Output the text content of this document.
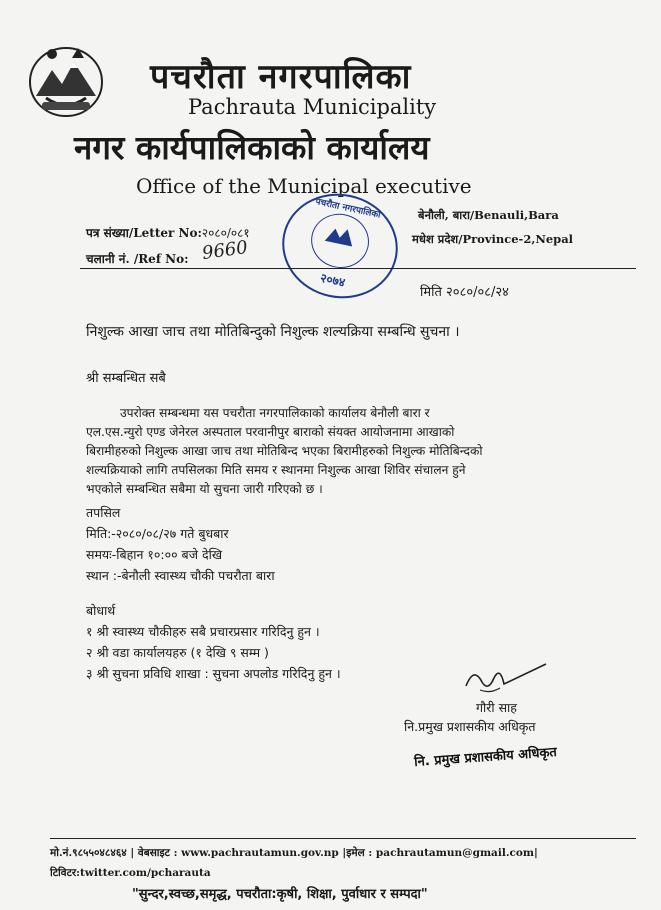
पचरौता नगरपालिका
Pachrauta Municipality
नगर कार्यपालिकाको कार्यालय
Office of the Municipal executive
पत्र संख्या/Letter No:२०८०/०८१
चलानी नं. /Ref No: 9660
बेनौली, बारा/Benauli,Bara
मधेश प्रदेश/Province-2,Nepal
पचरौता नगरपालिका
२०७४
मिति २०८०/०८/२४
निशुल्क आखा जाच तथा मोतिबिन्दुको निशुल्क शल्यक्रिया सम्बन्धि सुचना ।
श्री सम्बन्धित सबै
उपरोक्त सम्बन्धमा यस पचरौता नगरपालिकाको कार्यालय बेनौली बारा र
एल.एस.न्युरो एण्ड जेनेरल अस्पताल परवानीपुर बाराको संयक्त आयोजनामा आखाको
बिरामीहरुको निशुल्क आखा जाच तथा मोतिबिन्द भएका बिरामीहरुको निशुल्क मोतिबिन्दको
शल्यक्रियाको लागि तपसिलका मिति समय र स्थानमा निशुल्क आखा शिविर संचालन हुने
भएकोले सम्बन्धित सबैमा यो सुचना जारी गरिएको छ ।
तपसिल
मिति:-२०८०/०८/२७ गते बुधबार
समयः-बिहान १०:०० बजे देखि
स्थान :-बेनौली स्वास्थ्य चौकी पचरौता बारा
बोधार्थ
१ श्री स्वास्थ्य चौकीहरु सबै प्रचारप्रसार गरिदिनु हुन ।
२ श्री वडा कार्यालयहरु (१ देखि ९ सम्म )
३ श्री सुचना प्रविधि शाखा : सुचना अपलोड गरिदिनु हुन ।
गौरी साह
नि.प्रमुख प्रशासकीय अधिकृत
नि. प्रमुख प्रशासकीय अधिकृत
मो.नं.९८५५०४८४६४ | वेबसाइट : www.pachrautamun.gov.np |इमेल : pachrautamun@gmail.com|
टिविटर:twitter.com/pcharauta
"सुन्दर,स्वच्छ,समृद्ध, पचरौता:कृषी, शिक्षा, पुर्वाधार र सम्पदा"
